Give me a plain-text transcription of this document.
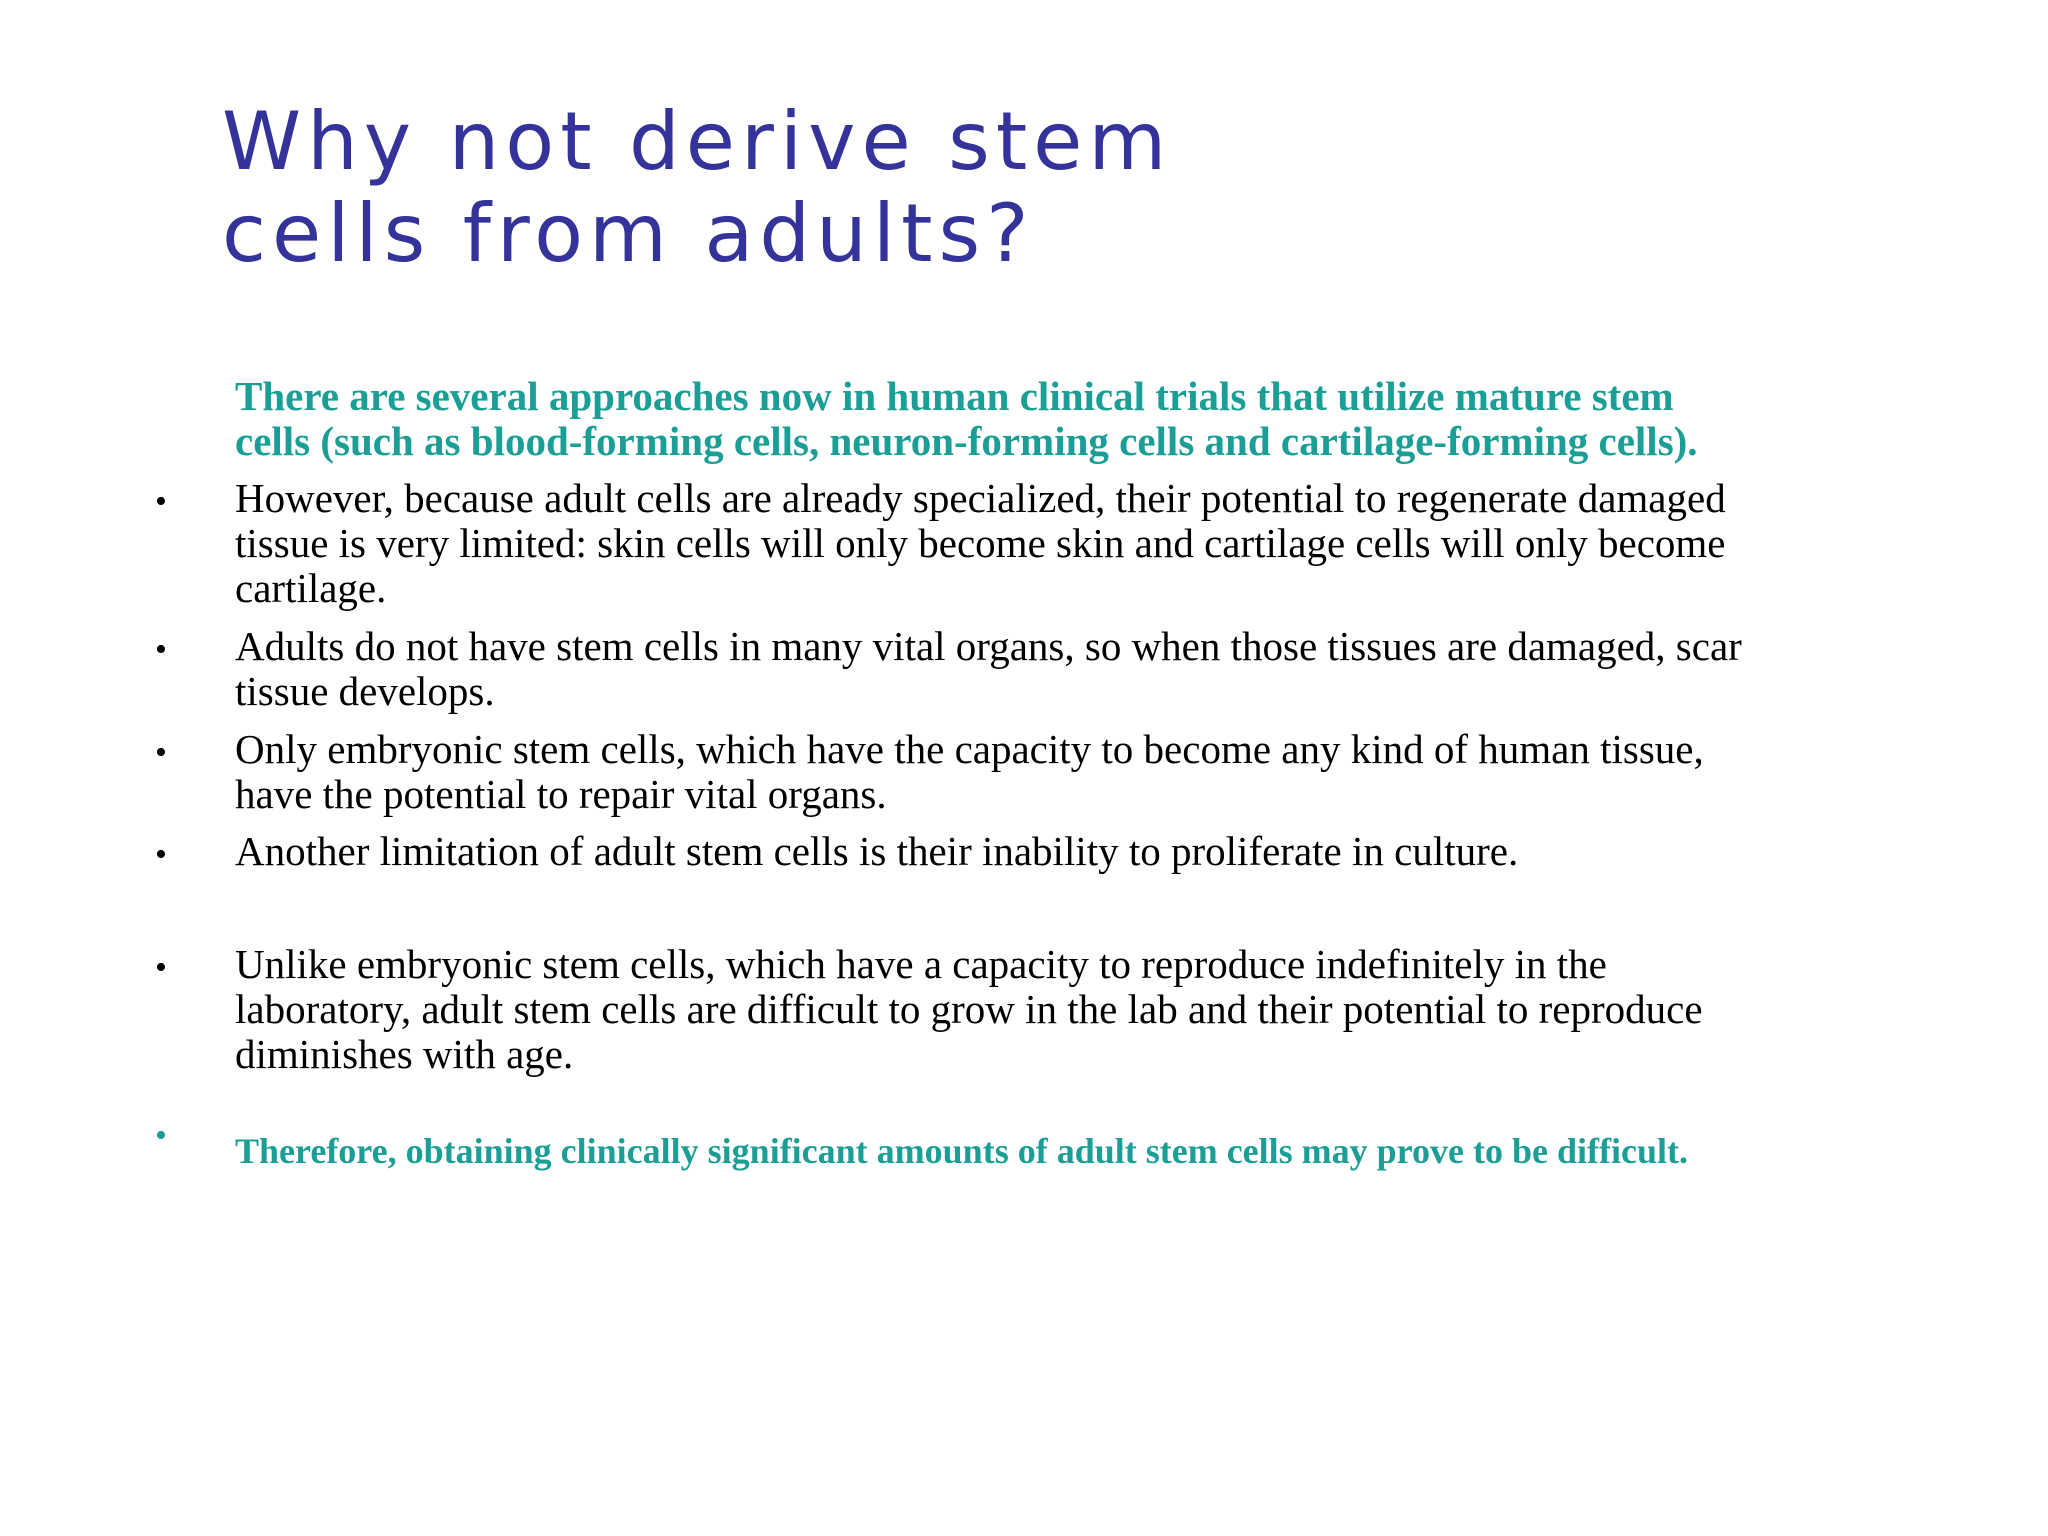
Why not derive stem
cells from adults?
There are several approaches now in human clinical trials that utilize mature stem
cells (such as blood-forming cells, neuron-forming cells and cartilage-forming cells).
• However, because adult cells are already specialized, their potential to regenerate damaged
tissue is very limited: skin cells will only become skin and cartilage cells will only become
cartilage.
• Adults do not have stem cells in many vital organs, so when those tissues are damaged, scar
tissue develops.
• Only embryonic stem cells, which have the capacity to become any kind of human tissue,
have the potential to repair vital organs.
• Another limitation of adult stem cells is their inability to proliferate in culture.
• Unlike embryonic stem cells, which have a capacity to reproduce indefinitely in the
laboratory, adult stem cells are difficult to grow in the lab and their potential to reproduce
diminishes with age.
• Therefore, obtaining clinically significant amounts of adult stem cells may prove to be difficult.
